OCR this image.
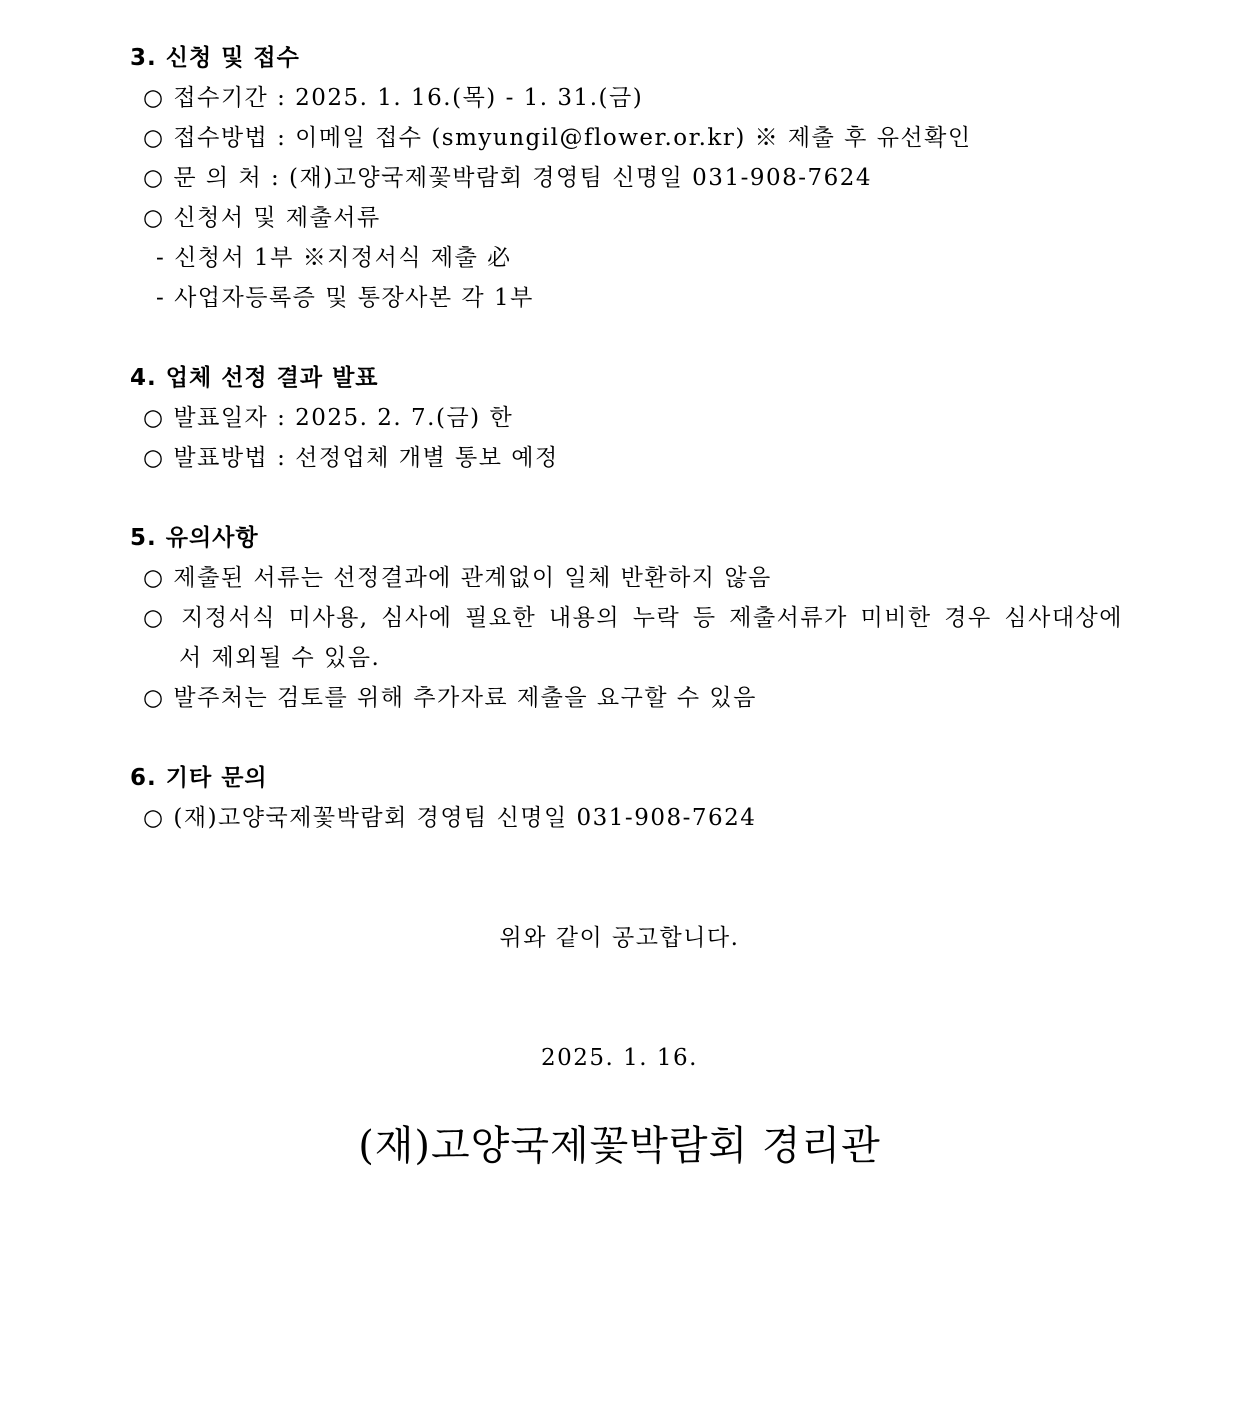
3. 신청 및 접수
○ 접수기간 : 2025. 1. 16.(목) - 1. 31.(금)
○ 접수방법 : 이메일 접수 (smyungil@flower.or.kr) ※ 제출 후 유선확인
○ 문 의 처 : (재)고양국제꽃박람회 경영팀 신명일 031-908-7624
○ 신청서 및 제출서류
- 신청서 1부 ※지정서식 제출 必
- 사업자등록증 및 통장사본 각 1부
4. 업체 선정 결과 발표
○ 발표일자 : 2025. 2. 7.(금) 한
○ 발표방법 : 선정업체 개별 통보 예정
5. 유의사항
○ 제출된 서류는 선정결과에 관계없이 일체 반환하지 않음
○ 지정서식 미사용, 심사에 필요한 내용의 누락 등 제출서류가 미비한 경우 심사대상에
서 제외될 수 있음.
○ 발주처는 검토를 위해 추가자료 제출을 요구할 수 있음
6. 기타 문의
○ (재)고양국제꽃박람회 경영팀 신명일 031-908-7624
위와 같이 공고합니다.
2025. 1. 16.
(재)고양국제꽃박람회 경리관
